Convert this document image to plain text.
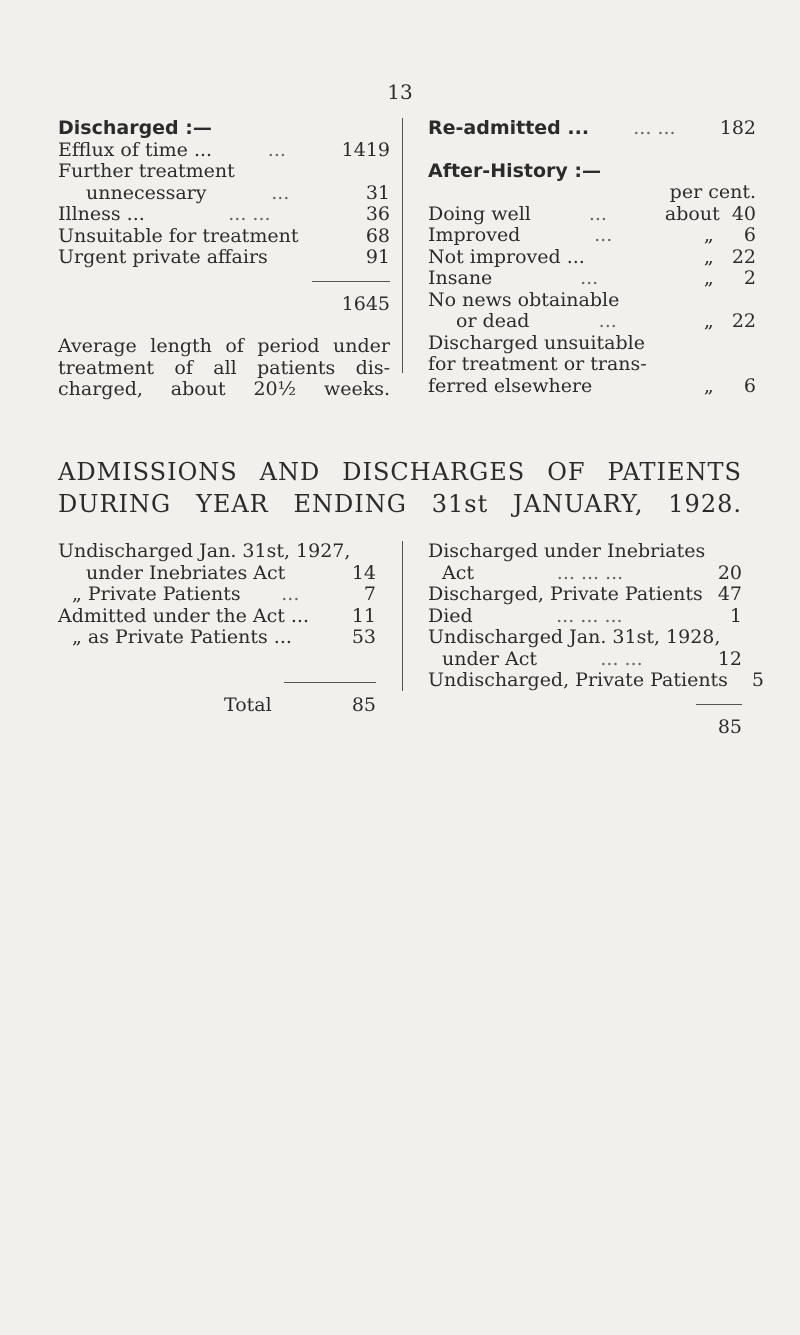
13

Discharged :—

Efflux of time ...	...	1419
Further treatment
unnecessary	...	31
Illness ...	... ...	36
Unsuitable for treatment	68
Urgent private affairs	91
1645
Average length of period under
treatment of all patients dis-
charged, about 20½ weeks.
Re-admitted ...	... ...	182

After-History :—

per cent.
Doing well	...	about 40
Improved	...	„ 6
Not improved ...	„ 22
Insane	...	„ 2
No news obtainable
or dead	...	„ 22
Discharged unsuitable
for treatment or trans-
ferred elsewhere	„ 6
ADMISSIONS AND DISCHARGES OF PATIENTS
DURING YEAR ENDING 31st JANUARY, 1928.
Undischarged Jan. 31st, 1927,
under Inebriates Act	14
„ Private Patients	...	7
Admitted under the Act ...	11
„ as Private Patients ...	53
Total	85
Discharged under Inebriates
Act	... ... ...	20
Discharged, Private Patients 47
Died	... ... ...	1
Undischarged Jan. 31st, 1928,
under Act	... ...	12
Undischarged, Private Patients	5
85
